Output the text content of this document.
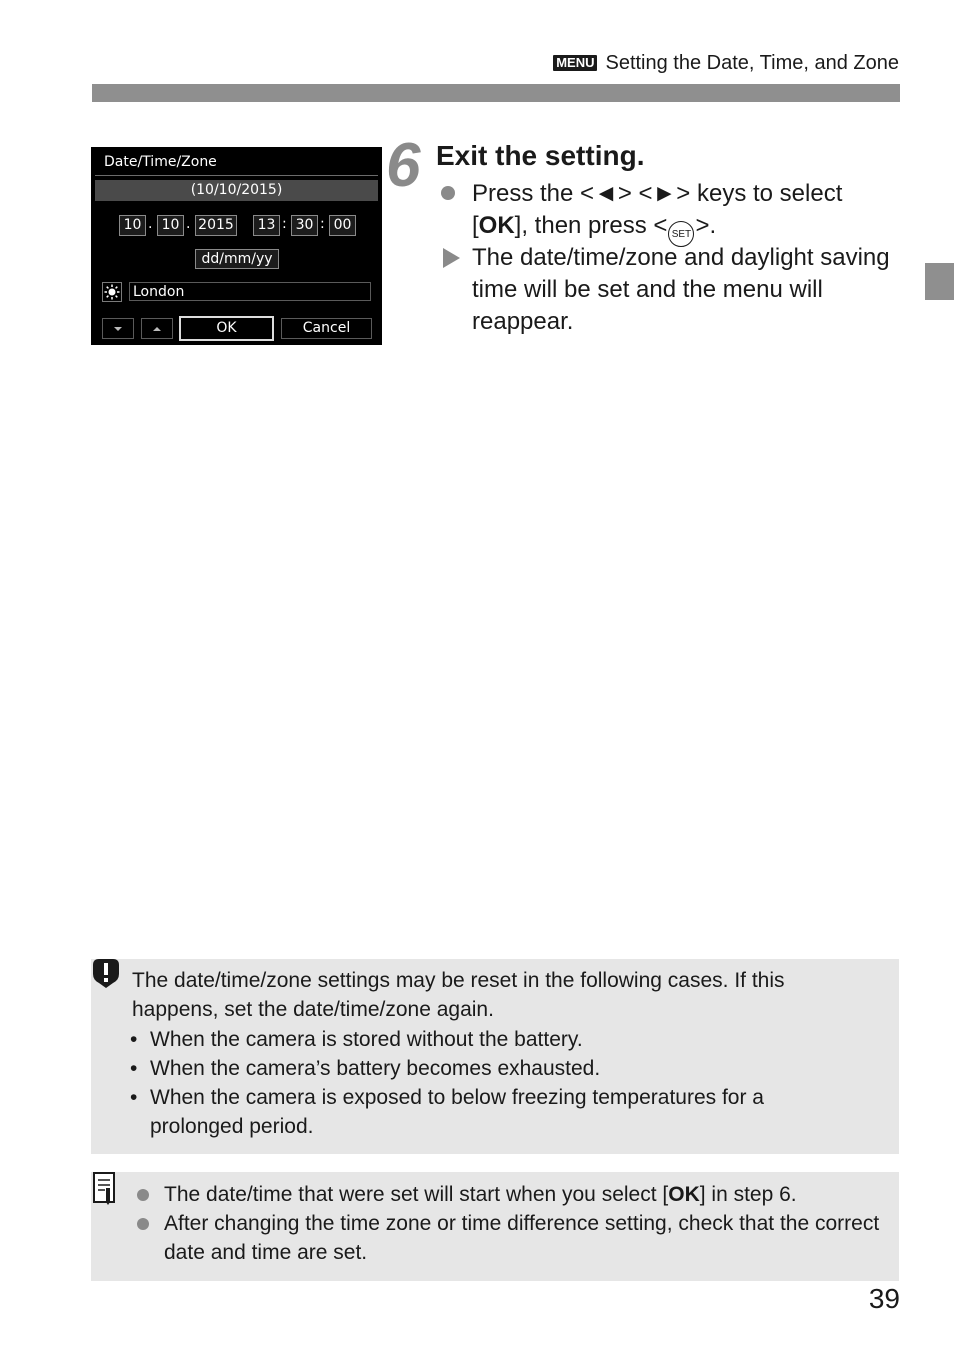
MENU Setting the Date, Time, and Zone
Date/Time/Zone
(10/10/2015)
10 . 10 . 2015	13 : 30 : 00
dd/mm/yy
London
OK	Cancel
6 Exit the setting.
Press the <◄> <►> keys to select [OK], then press < SET >.
The date/time/zone and daylight saving time will be set and the menu will reappear.
The date/time/zone settings may be reset in the following cases. If this happens, set the date/time/zone again.
• When the camera is stored without the battery.
• When the camera’s battery becomes exhausted.
• When the camera is exposed to below freezing temperatures for a prolonged period.
The date/time that were set will start when you select [OK] in step 6.
After changing the time zone or time difference setting, check that the correct date and time are set.
39
